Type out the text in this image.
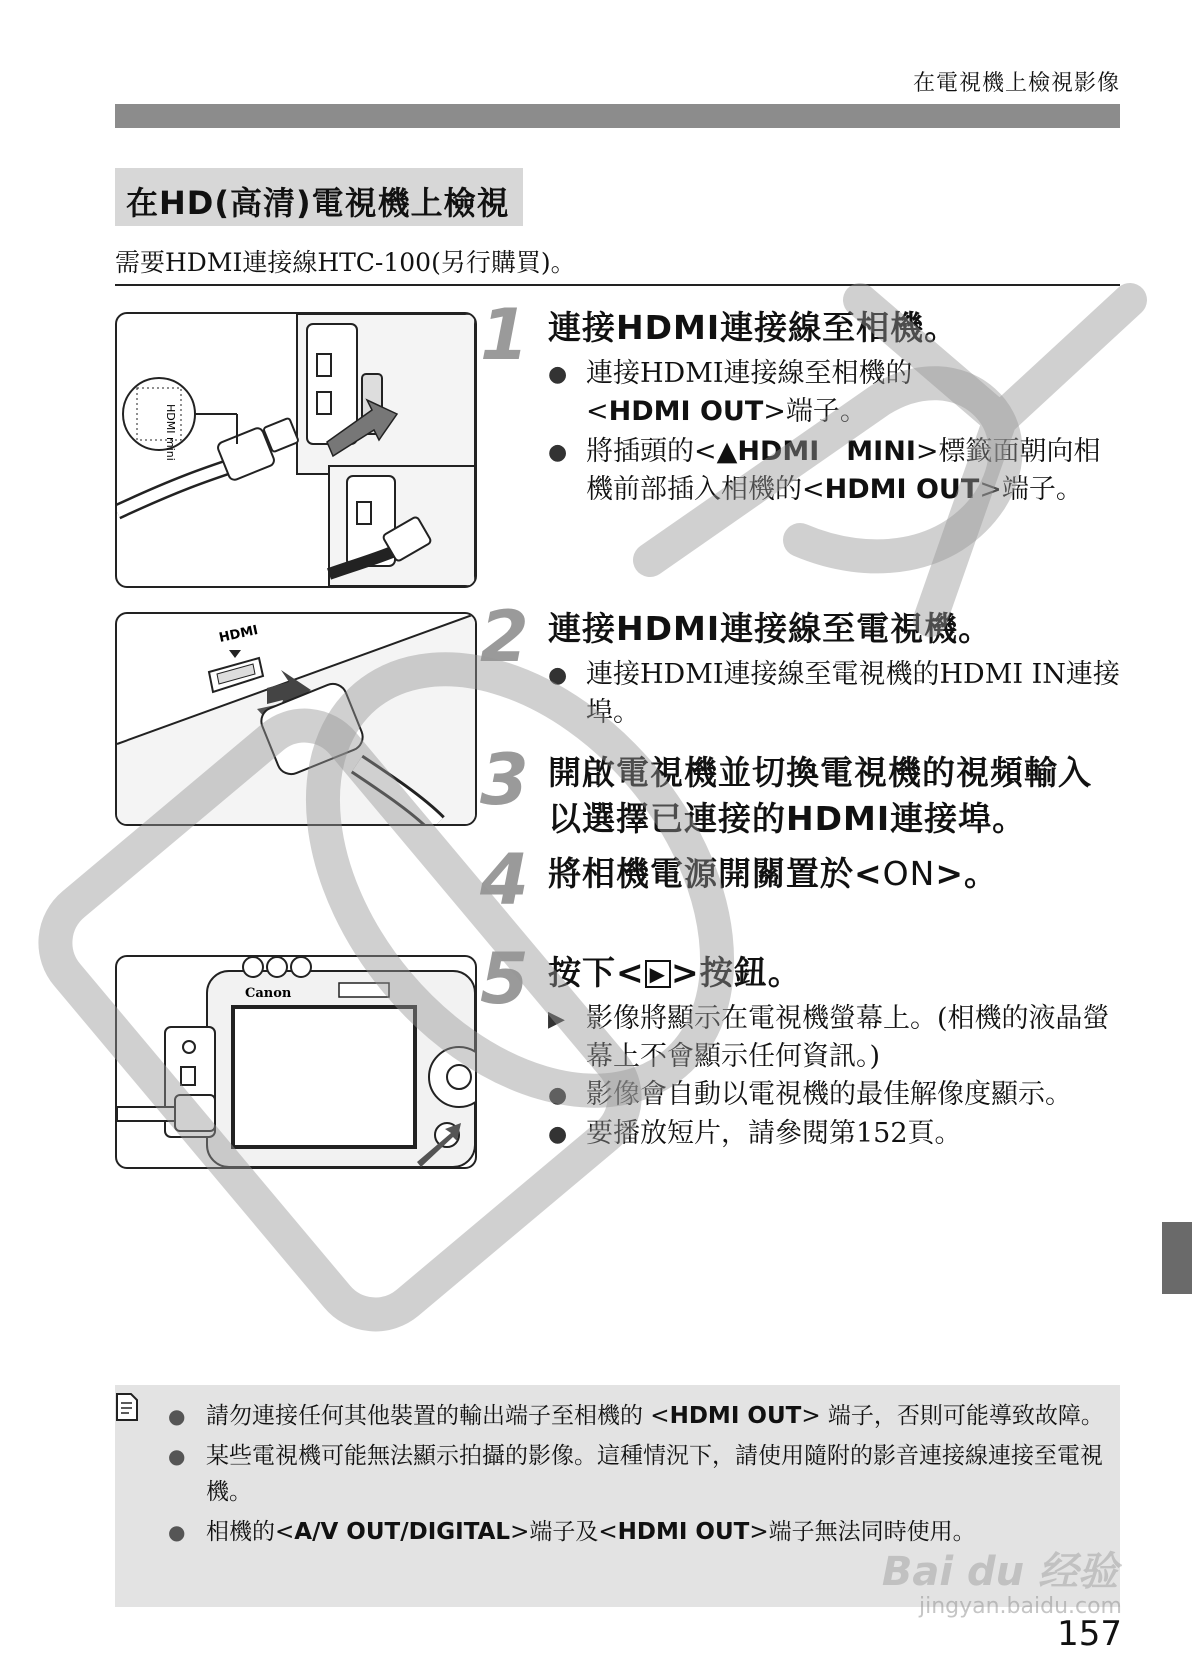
在電視機上檢視影像
在HD(高清)電視機上檢視
需要HDMI連接線HTC-100(另行購買)。
HDMI mini
1 連接HDMI連接線至相機。
● 連接HDMI連接線至相機的
<HDMI OUT>端子。
● 將插頭的<▲HDMI　MINI>標籤面朝向相機前部插入相機的<HDMI OUT>端子。
HDMI	2 連接HDMI連接線至電視機。
● 連接HDMI連接線至電視機的HDMI IN連接埠。
3 開啟電視機並切換電視機的視頻輸入
以選擇已連接的HDMI連接埠。
4 將相機電源開關置於<ON>。
Canon	5 按下< ▶ >按鈕。
▶ 影像將顯示在電視機螢幕上。(相機的液晶螢幕上不會顯示任何資訊。)
● 影像會自動以電視機的最佳解像度顯示。
● 要播放短片，請參閱第152頁。
● 請勿連接任何其他裝置的輸出端子至相機的 <HDMI OUT> 端子，否則可能導致故障。
● 某些電視機可能無法顯示拍攝的影像。這種情況下，請使用隨附的影音連接線連接至電視機。
● 相機的<A/V OUT/DIGITAL>端子及<HDMI OUT>端子無法同時使用。
157
Bai du 经验
jingyan.baidu.com
